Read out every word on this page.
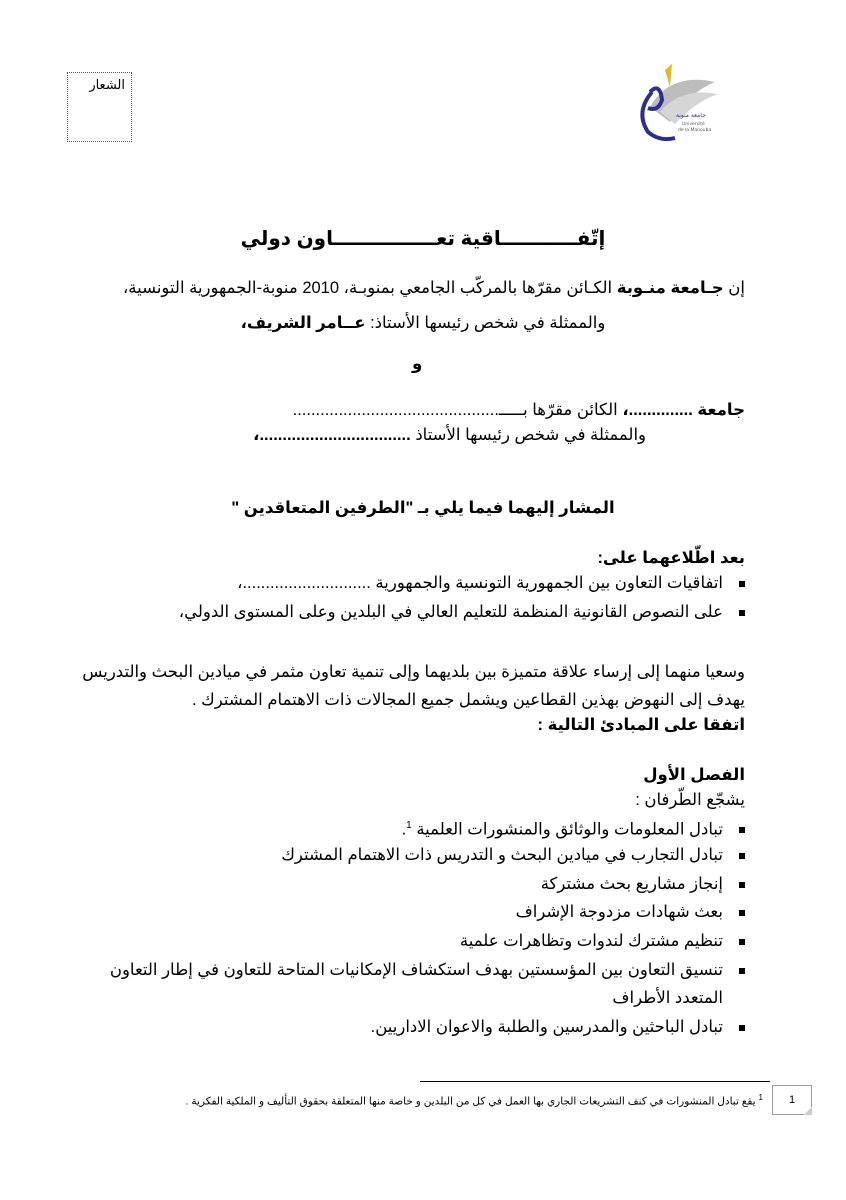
الشعار
جامعة منوبة
Université
de la Manouba
إتّفـــــــــــاقية تعـــــــــــــــاون دولي
إن جـامعة منـوبة الكـائن مقرّها بالمركّب الجامعي بمنوبـة، 2010 منوبة-الجمهورية التونسية،
والممثلة في شخص رئيسها الأستاذ: عــامر الشريف،
و
جامعة ..............، الكائن مقرّها بـــــ.............................................
والممثلة في شخص رئيسها الأستاذ .................................،
المشار إليهما فيما يلي بـ "الطرفين المتعاقدين "
بعد اطّلاعهما على:
اتفاقيات التعاون بين الجمهورية التونسية والجمهورية ............................،
على النصوص القانونية المنظمة للتعليم العالي في البلدين وعلى المستوى الدولي،
وسعيا منهما إلى إرساء علاقة متميزة بين بلديهما وإلى تنمية تعاون مثمر في ميادين البحث والتدريس
يهدف إلى النهوض بهذين القطاعين ويشمل جميع المجالات ذات الاهتمام المشترك .
اتفقا على المبادئ التالية :
الفصل الأول
يشجّع الطّرفان :
تبادل المعلومات والوثائق والمنشورات العلمية $^1$.
تبادل التجارب في ميادين البحث و التدريس ذات الاهتمام المشترك
إنجاز مشاريع بحث مشتركة
بعث شهادات مزدوجة الإشراف
تنظيم مشترك لندوات وتظاهرات علمية
تنسيق التعاون بين المؤسستين بهدف استكشاف الإمكانيات المتاحة للتعاون في إطار التعاون
المتعدد الأطراف
تبادل الباحثين والمدرسين والطلبة والاعوان الاداريين.
1
$^1$ يقع تبادل المنشورات في كنف التشريعات الجاري بها العمل في كل من البلدين و خاصة منها المتعلقة بحقوق التأليف و الملكية الفكرية .
